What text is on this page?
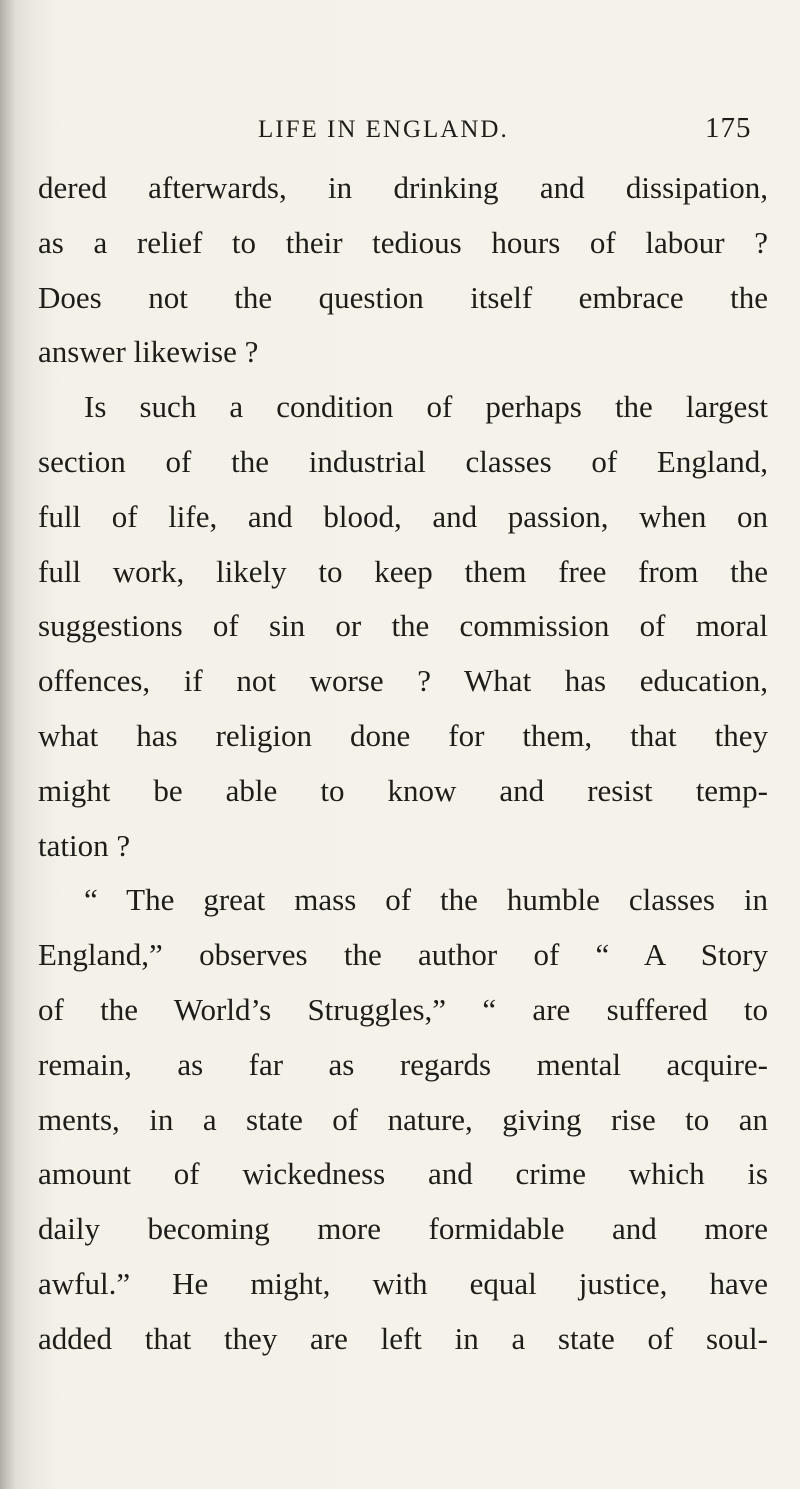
LIFE IN ENGLAND.	175
dered afterwards, in drinking and dissipation,
as a relief to their tedious hours of labour ?
Does not the question itself embrace the
answer likewise ?
Is such a condition of perhaps the largest
section of the industrial classes of England,
full of life, and blood, and passion, when on
full work, likely to keep them free from the
suggestions of sin or the commission of moral
offences, if not worse ? What has education,
what has religion done for them, that they
might be able to know and resist temp-
tation ?
“ The great mass of the humble classes in
England,” observes the author of “ A Story
of the World’s Struggles,” “ are suffered to
remain, as far as regards mental acquire-
ments, in a state of nature, giving rise to an
amount of wickedness and crime which is
daily becoming more formidable and more
awful.” He might, with equal justice, have
added that they are left in a state of soul-
